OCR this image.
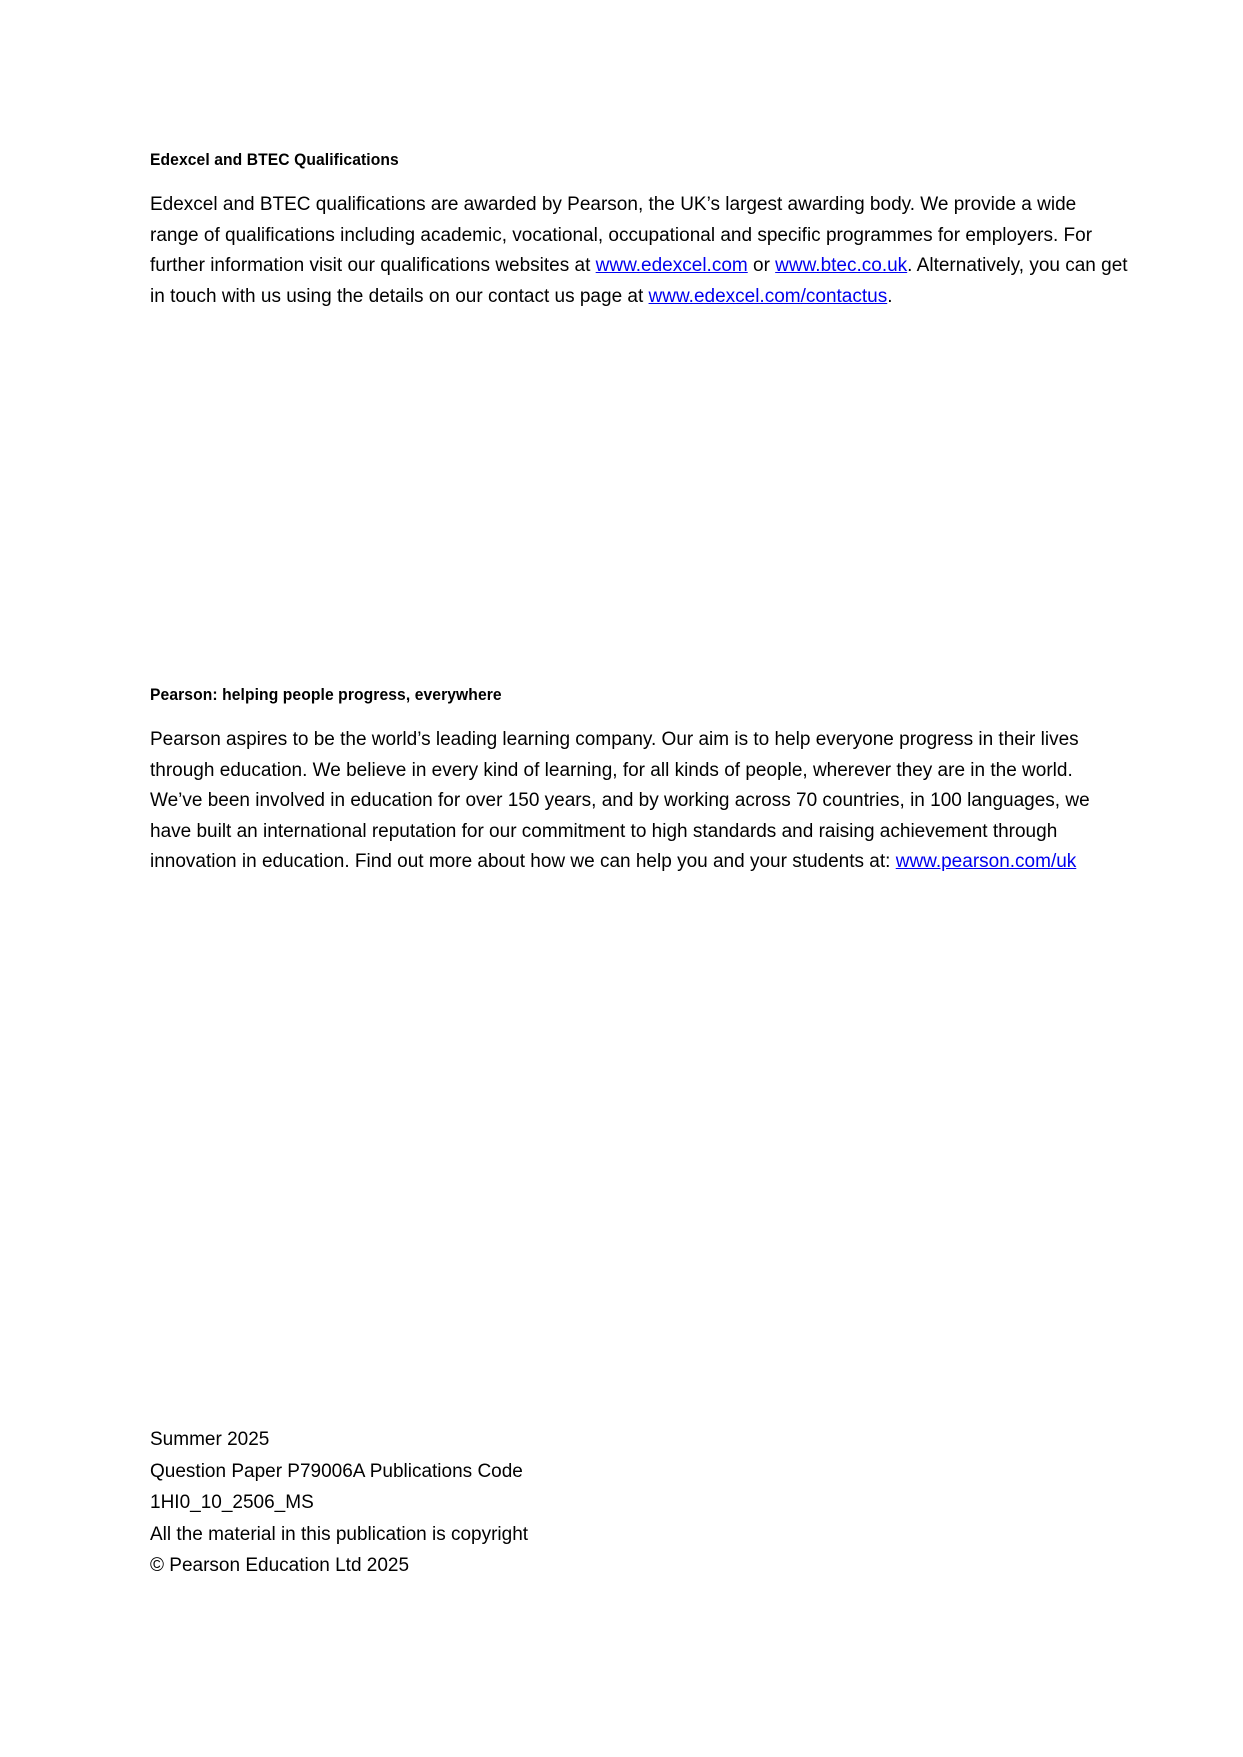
Edexcel and BTEC Qualifications

Edexcel and BTEC qualifications are awarded by Pearson, the UK’s largest awarding body. We provide a wide range of qualifications including academic, vocational, occupational and specific programmes for employers. For further information visit our qualifications websites at www.edexcel.com or www.btec.co.uk. Alternatively, you can get in touch with us using the details on our contact us page at www.edexcel.com/contactus.

Pearson: helping people progress, everywhere

Pearson aspires to be the world’s leading learning company. Our aim is to help everyone progress in their lives through education. We believe in every kind of learning, for all kinds of people, wherever they are in the world. We’ve been involved in education for over 150 years, and by working across 70 countries, in 100 languages, we have built an international reputation for our commitment to high standards and raising achievement through innovation in education. Find out more about how we can help you and your students at: www.pearson.com/uk

Summer 2025
Question Paper P79006A Publications Code
1HI0_10_2506_MS
All the material in this publication is copyright
© Pearson Education Ltd 2025
